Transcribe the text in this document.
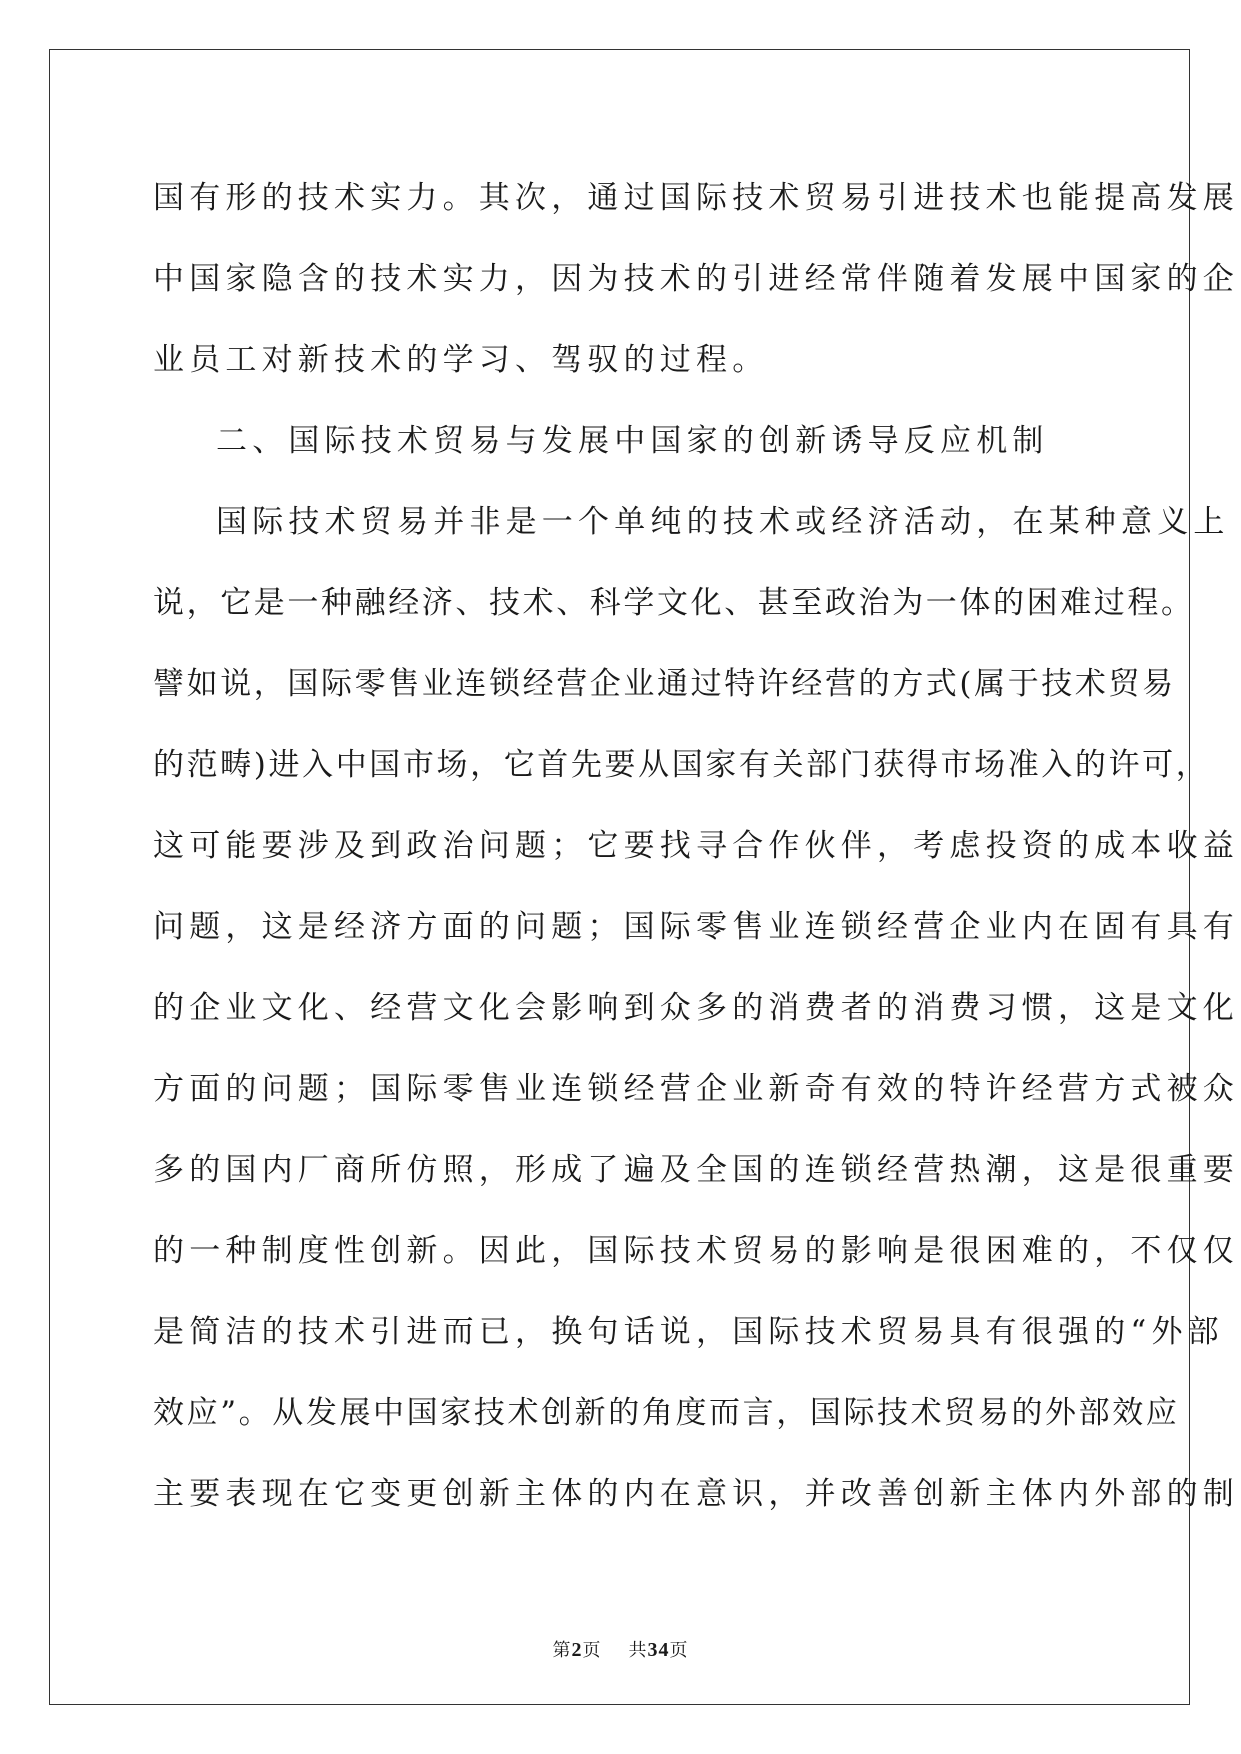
国有形的技术实力。其次，通过国际技术贸易引进技术也能提高发展
中国家隐含的技术实力，因为技术的引进经常伴随着发展中国家的企
业员工对新技术的学习、驾驭的过程。
二、国际技术贸易与发展中国家的创新诱导反应机制
国际技术贸易并非是一个单纯的技术或经济活动，在某种意义上
说，它是一种融经济、技术、科学文化、甚至政治为一体的困难过程。
譬如说，国际零售业连锁经营企业通过特许经营的方式(属于技术贸易
的范畴)进入中国市场，它首先要从国家有关部门获得市场准入的许可，
这可能要涉及到政治问题；它要找寻合作伙伴，考虑投资的成本收益
问题，这是经济方面的问题；国际零售业连锁经营企业内在固有具有
的企业文化、经营文化会影响到众多的消费者的消费习惯，这是文化
方面的问题；国际零售业连锁经营企业新奇有效的特许经营方式被众
多的国内厂商所仿照，形成了遍及全国的连锁经营热潮，这是很重要
的一种制度性创新。因此，国际技术贸易的影响是很困难的，不仅仅
是简洁的技术引进而已，换句话说，国际技术贸易具有很强的“外部
效应”。从发展中国家技术创新的角度而言，国际技术贸易的外部效应
主要表现在它变更创新主体的内在意识，并改善创新主体内外部的制
第2页 共34页
